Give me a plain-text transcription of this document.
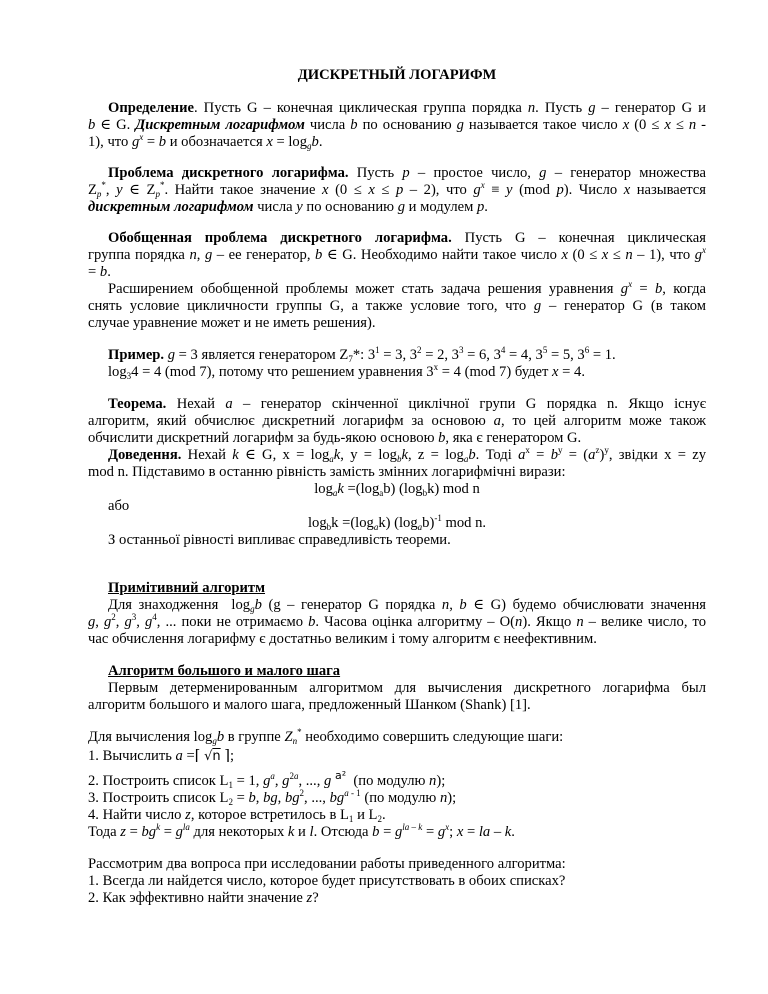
ДИСКРЕТНЫЙ ЛОГАРИФМ
Определение. Пусть G – конечная циклическая группа порядка n. Пусть g – генератор G и
b ∈ G. Дискретным логарифмом числа b по основанию g называется такое число x (0 ≤ x ≤ n -
1), что $g^x = b$ и обозначается $x = \log_gb$.
Проблема дискретного логарифма. Пусть p – простое число, g – генератор множества
$Z_p^*$, y ∈ $Z_p^*$. Найти такое значение x (0 ≤ x ≤ p – 2), что $g^x \equiv y$ (mod p). Число x называется
дискретным логарифмом числа y по основанию g и модулем p.
Обобщенная проблема дискретного логарифма. Пусть G – конечная циклическая
группа порядка n, g – ее генератор, b ∈ G. Необходимо найти такое число x (0 ≤ x ≤ n – 1), что $g^x$
= b.
Расширением обобщенной проблемы может стать задача решения уравнения $g^x = b$, когда
снять условие цикличности группы G, а также условие того, что g – генератор G (в таком
случае уравнение может и не иметь решения).
Пример. g = 3 является генератором $Z_7*$: $3^1 = 3$, $3^2 = 2$, $3^3 = 6$, $3^4 = 4$, $3^5 = 5$, $3^6 = 1$.
$\log_34 = 4$ (mod 7), потому что решением уравнения $3^x = 4$ (mod 7) будет x = 4.
Теорема. Нехай a – генератор скінченної циклічної групи G порядка n. Якщо існує
алгоритм, який обчислює дискретний логарифм за основою a, то цей алгоритм може також
обчислити дискретний логарифм за будь-якою основою b, яка є генератором G.
Доведення. Нехай k ∈ G, $x = \log_ak$, $y = \log_bk$, $z = \log_ab$. Тоді $a^x = b^y = (a^z)^y$, звідки x = zy
mod n. Підставимо в останню рівність замість змінних логарифмічні вирази:
$\log_ak =(\log_ab)$ $(\log_bk)$ mod n
або
$\log_bk =(\log_ak)$ $(\log_ab)^{-1}$ mod n.
З останньої рівності випливає справедливість теореми.
Примітивний алгоритм
Для знаходження  $\log_gb$ (g – генератор G порядка n, b ∈ G) будемо обчислювати значення
g, $g^2$, $g^3$, $g^4$, ... поки не отримаємо b. Часова оцінка алгоритму – O(n). Якщо n – велике число, то
час обчислення логарифму є достатньо великим і тому алгоритм є неефективним.
Алгоритм большого и малого шага
Первым детерменированным алгоритмом для вычисления дискретного логарифма был
алгоритм большого и малого шага, предложенный Шанком (Shank) [1].
Для вычисления $\log_gb$ в группе $Z_n^*$ необходимо совершить следующие шаги:
1. Вычислить a =⌈ √n ⌉;
2. Построить список $L_1 = 1$, $g^a$, $g^{2a}$, ..., g $^{a^2}$  (по модулю n);
3. Построить список $L_2 = b$, bg, $bg^2$, ..., $bg^{a - 1}$ (по модулю n);
4. Найти число z, которое встретилось в $L_1$ и $L_2$.
Тода $z = bg^k = g^{la}$ для некоторых k и l. Отсюда $b = g^{la - k} = g^x$; x = la – k.
Рассмотрим два вопроса при исследовании работы приведенного алгоритма:
1. Всегда ли найдется число, которое будет присутствовать в обоих списках?
2. Как эффективно найти значение z?
